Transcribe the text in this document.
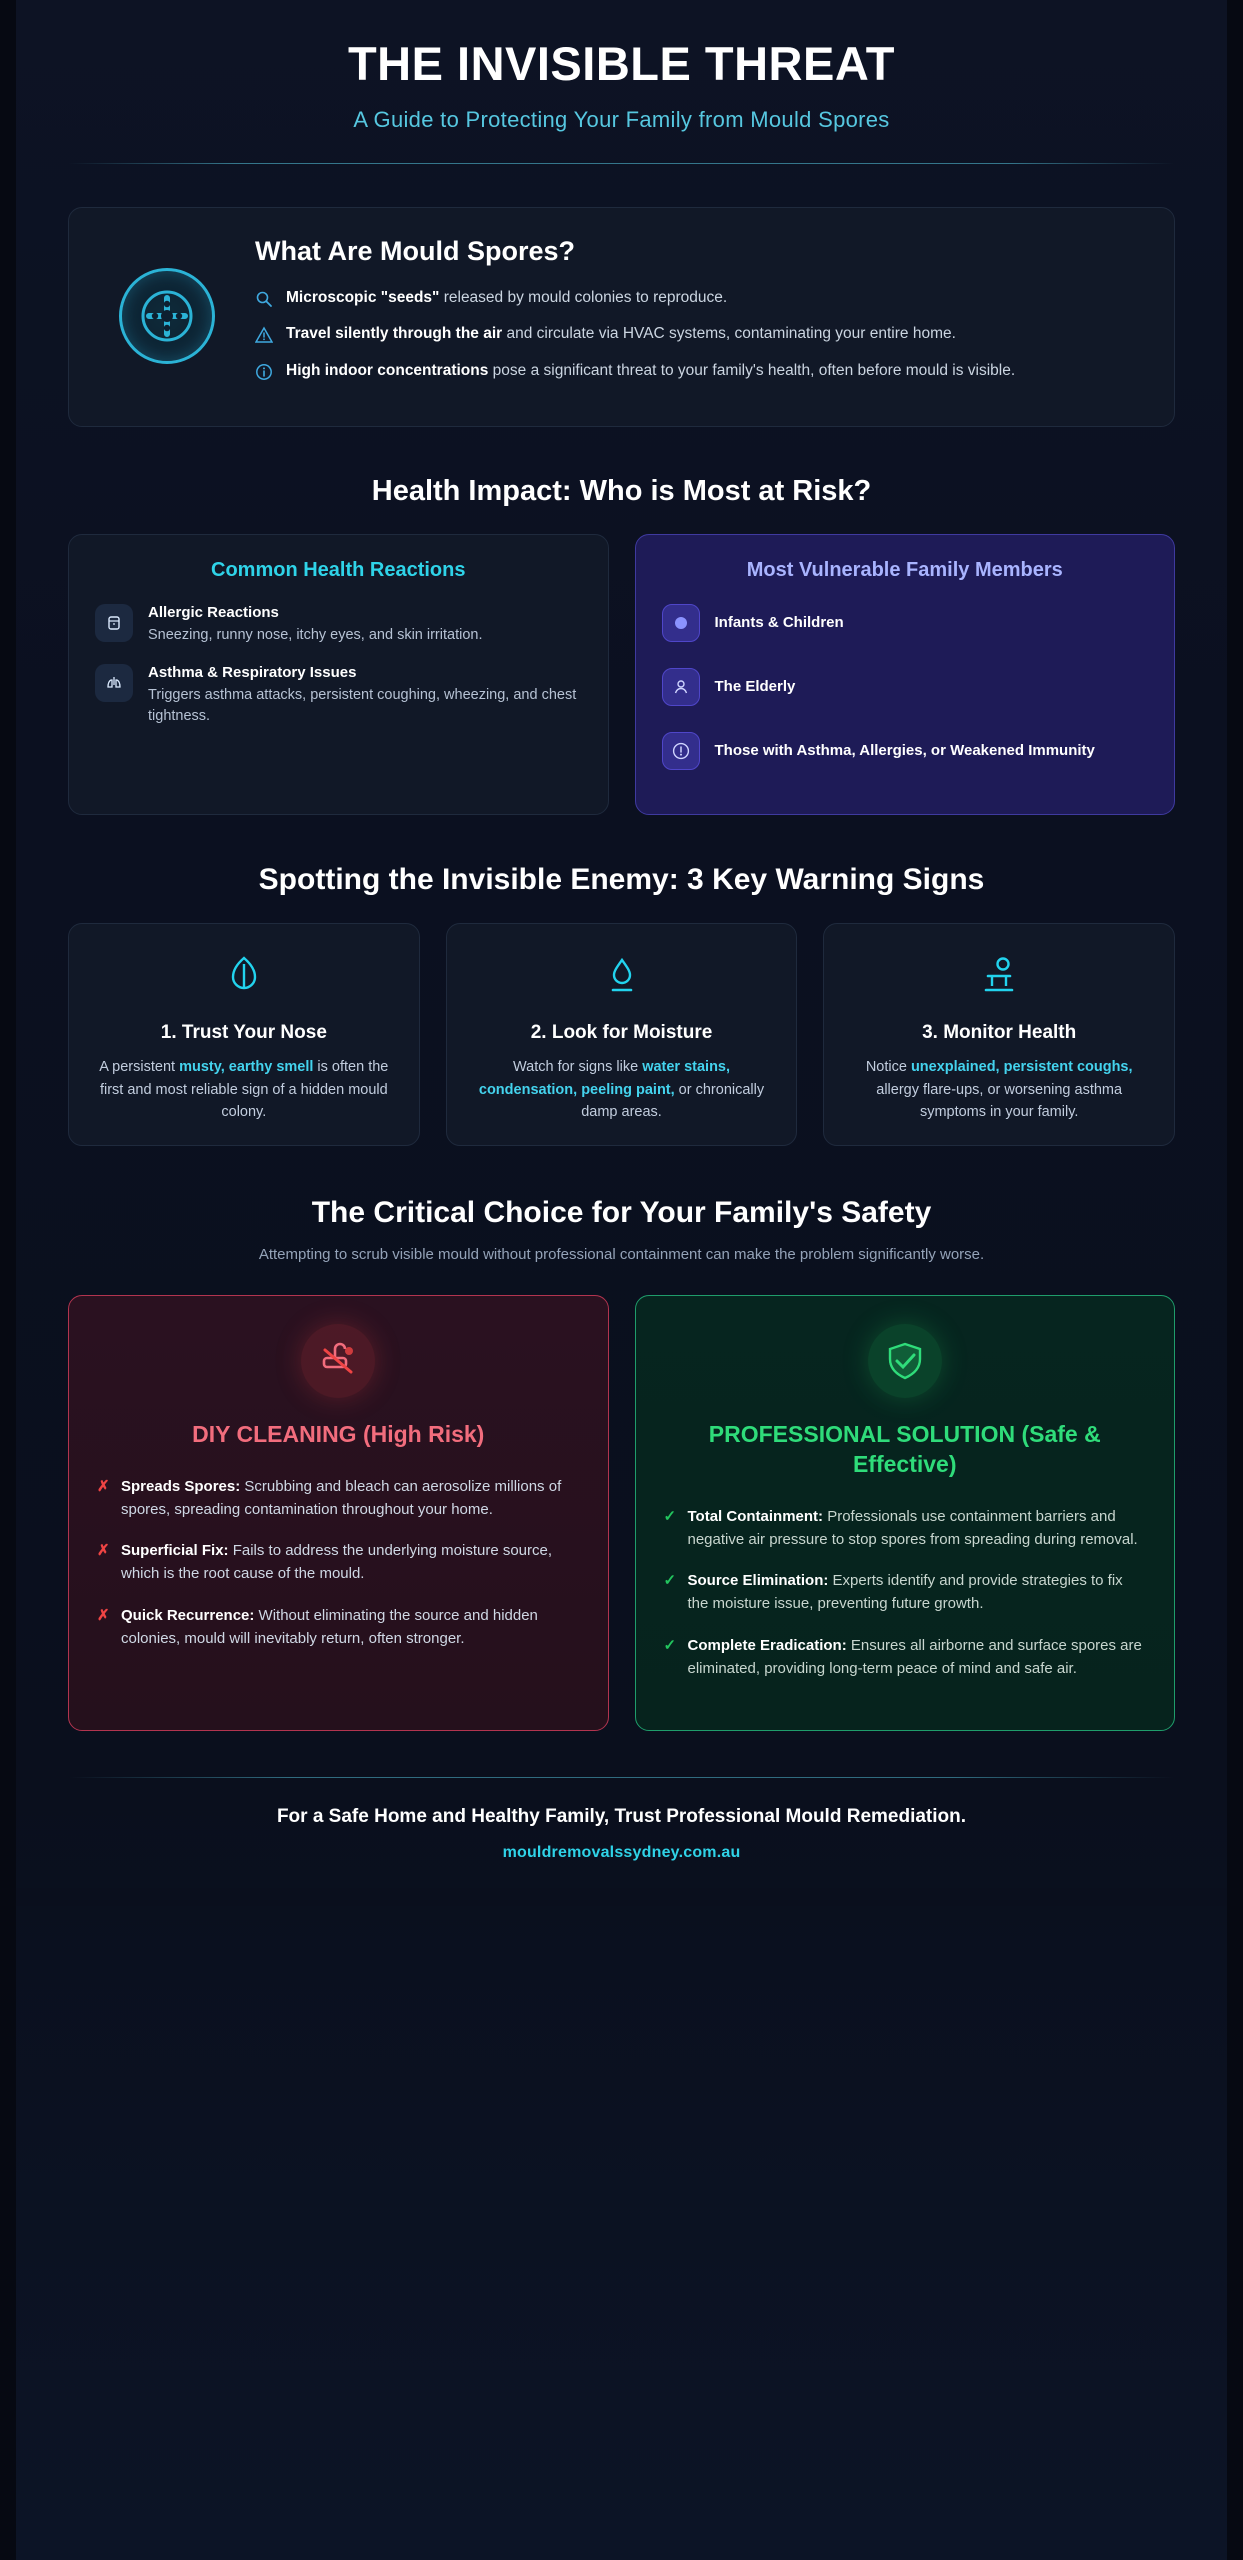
THE INVISIBLE THREAT
A Guide to Protecting Your Family from Mould Spores
What Are Mould Spores?
Microscopic "seeds" released by mould colonies to reproduce.
Travel silently through the air and circulate via HVAC systems, contaminating your entire home.
High indoor concentrations pose a significant threat to your family's health, often before mould is visible.
Health Impact: Who is Most at Risk?
Common Health Reactions
Allergic Reactions
Sneezing, runny nose, itchy eyes, and skin irritation.
Asthma & Respiratory Issues
Triggers asthma attacks, persistent coughing, wheezing, and chest tightness.
Most Vulnerable Family Members
Infants & Children
The Elderly
Those with Asthma, Allergies, or Weakened Immunity
Spotting the Invisible Enemy: 3 Key Warning Signs
1. Trust Your Nose

A persistent musty, earthy smell is often the first and most reliable sign of a hidden mould colony.

2. Look for Moisture

Watch for signs like water stains, condensation, peeling paint, or chronically damp areas.

3. Monitor Health

Notice unexplained, persistent coughs, allergy flare-ups, or worsening asthma symptoms in your family.

The Critical Choice for Your Family's Safety
Attempting to scrub visible mould without professional containment can make the problem significantly worse.
DIY CLEANING (High Risk)
✗ Spreads Spores: Scrubbing and bleach can aerosolize millions of spores, spreading contamination throughout your home.
✗ Superficial Fix: Fails to address the underlying moisture source, which is the root cause of the mould.
✗ Quick Recurrence: Without eliminating the source and hidden colonies, mould will inevitably return, often stronger.
PROFESSIONAL SOLUTION (Safe & Effective)
✓ Total Containment: Professionals use containment barriers and negative air pressure to stop spores from spreading during removal.
✓ Source Elimination: Experts identify and provide strategies to fix the moisture issue, preventing future growth.
✓ Complete Eradication: Ensures all airborne and surface spores are eliminated, providing long-term peace of mind and safe air.
For a Safe Home and Healthy Family, Trust Professional Mould Remediation.
mouldremovalssydney.com.au
